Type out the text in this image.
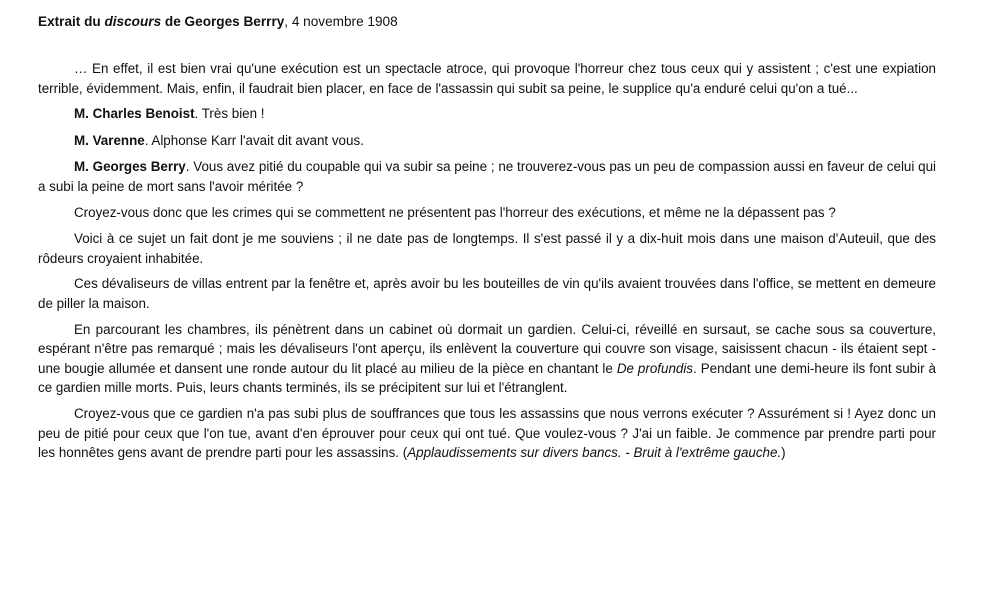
Extrait du discours de Georges Berrry, 4 novembre 1908

… En effet, il est bien vrai qu'une exécution est un spectacle atroce, qui provoque l'horreur chez tous ceux qui y assistent ; c'est une expiation terrible, évidemment. Mais, enfin, il faudrait bien placer, en face de l'assassin qui subit sa peine, le supplice qu'a enduré celui qu'on a tué...

M. Charles Benoist. Très bien !

M. Varenne. Alphonse Karr l'avait dit avant vous.

M. Georges Berry. Vous avez pitié du coupable qui va subir sa peine ; ne trouverez-vous pas un peu de compassion aussi en faveur de celui qui a subi la peine de mort sans l'avoir méritée ?

Croyez-vous donc que les crimes qui se commettent ne présentent pas l'horreur des exécutions, et même ne la dépassent pas ?

Voici à ce sujet un fait dont je me souviens ; il ne date pas de longtemps. Il s'est passé il y a dix-huit mois dans une maison d'Auteuil, que des rôdeurs croyaient inhabitée.

Ces dévaliseurs de villas entrent par la fenêtre et, après avoir bu les bouteilles de vin qu'ils avaient trouvées dans l'office, se mettent en demeure de piller la maison.

En parcourant les chambres, ils pénètrent dans un cabinet où dormait un gardien. Celui-ci, réveillé en sursaut, se cache sous sa couverture, espérant n'être pas remarqué ; mais les dévaliseurs l'ont aperçu, ils enlèvent la couverture qui couvre son visage, saisissent chacun - ils étaient sept - une bougie allumée et dansent une ronde autour du lit placé au milieu de la pièce en chantant le De profundis. Pendant une demi-heure ils font subir à ce gardien mille morts. Puis, leurs chants terminés, ils se précipitent sur lui et l'étranglent.

Croyez-vous que ce gardien n'a pas subi plus de souffrances que tous les assassins que nous verrons exécuter ? Assurément si ! Ayez donc un peu de pitié pour ceux que l'on tue, avant d'en éprouver pour ceux qui ont tué. Que voulez-vous ? J'ai un faible. Je commence par prendre parti pour les honnêtes gens avant de prendre parti pour les assassins. (Applaudissements sur divers bancs. - Bruit à l'extrême gauche.)
